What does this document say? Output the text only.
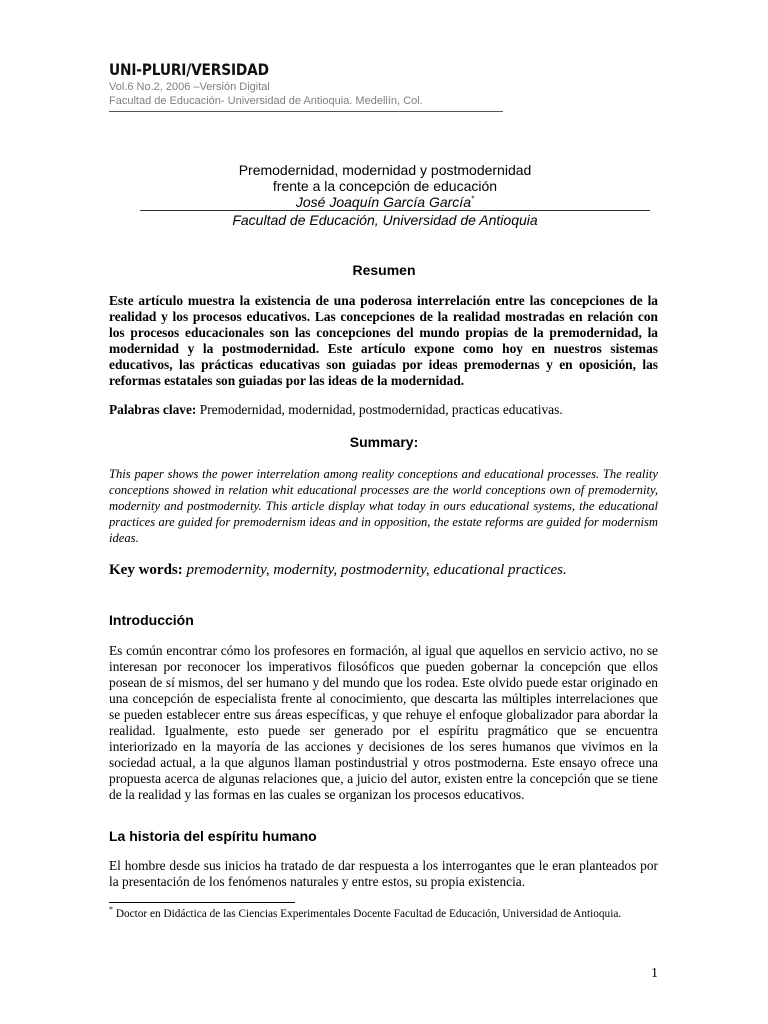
UNI-PLURI/VERSIDAD
Vol.6 No.2, 2006 –Versión Digital
Facultad de Educación- Universidad de Antioquia. Medellín, Col.
Premodernidad, modernidad y postmodernidad
frente a la concepción de educación
José Joaquín García García*
Facultad de Educación, Universidad de Antioquia
Resumen
Este artículo muestra la existencia de una poderosa interrelación entre las concepciones de la realidad y los procesos educativos. Las concepciones de la realidad mostradas en relación con los procesos educacionales son las concepciones del mundo propias de la premodernidad, la modernidad y la postmodernidad. Este artículo expone como hoy en nuestros sistemas educativos, las prácticas educativas son guiadas por ideas premodernas y en oposición, las reformas estatales son guiadas por las ideas de la modernidad.
Palabras clave: Premodernidad, modernidad, postmodernidad, practicas educativas.
Summary:
This paper shows the power interrelation among reality conceptions and educational processes. The reality conceptions showed in relation whit educational processes are the world conceptions own of premodernity, modernity and postmodernity. This article display what today in ours educational systems, the educational practices are guided for premodernism ideas and in opposition, the estate reforms are guided for modernism ideas.
Key words: premodernity, modernity, postmodernity, educational practices.
Introducción
Es común encontrar cómo los profesores en formación, al igual que aquellos en servicio activo, no se interesan por reconocer los imperativos filosóficos que pueden gobernar la concepción que ellos posean de sí mismos, del ser humano y del mundo que los rodea. Este olvido puede estar originado en una concepción de especialista frente al conocimiento, que descarta las múltiples interrelaciones que se pueden establecer entre sus áreas específicas, y que rehuye el enfoque globalizador para abordar la realidad. Igualmente, esto puede ser generado por el espíritu pragmático que se encuentra interiorizado en la mayoría de las acciones y decisiones de los seres humanos que vivimos en la sociedad actual, a la que algunos llaman postindustrial y otros postmoderna. Este ensayo ofrece una propuesta acerca de algunas relaciones que, a juicio del autor, existen entre la concepción que se tiene de la realidad y las formas en las cuales se organizan los procesos educativos.
La historia del espíritu humano
El hombre desde sus inicios ha tratado de dar respuesta a los interrogantes que le eran planteados por la presentación de los fenómenos naturales y entre estos, su propia existencia.
* Doctor en Didáctica de las Ciencias Experimentales Docente Facultad de Educación, Universidad de Antioquia.
1
